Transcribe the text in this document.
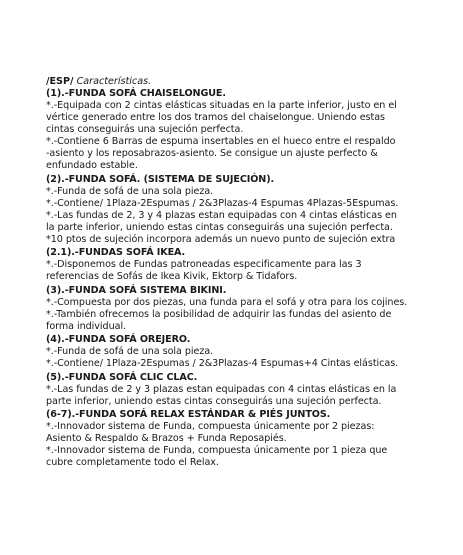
/ESP/ Características.

(1).-FUNDA SOFÁ CHAISELONGUE.

*.-Equipada con 2 cintas elásticas situadas en la parte inferior, justo en el

vértice generado entre los dos tramos del chaiselongue. Uniendo estas

cintas conseguirás una sujeción perfecta.

*.-Contiene 6 Barras de espuma insertables en el hueco entre el respaldo

-asiento y los reposabrazos-asiento. Se consigue un ajuste perfecto &

enfundado estable.

(2).-FUNDA SOFÁ. (SISTEMA DE SUJECIÓN).

*.-Funda de sofá de una sola pieza.

*.-Contiene/ 1Plaza-2Espumas / 2&3Plazas-4 Espumas 4Plazas-5Espumas.

*.-Las fundas de 2, 3 y 4 plazas estan equipadas con 4 cintas elásticas en

la parte inferior, uniendo estas cintas conseguirás una sujeción perfecta.

*10 ptos de sujeción incorpora además un nuevo punto de sujeción extra

(2.1).-FUNDAS SOFÁ IKEA.

*.-Disponemos de Fundas patroneadas especificamente para las 3

referencias de Sofás de Ikea Kivik, Ektorp & Tidafors.

(3).-FUNDA SOFÁ SISTEMA BIKINI.

*.-Compuesta por dos piezas, una funda para el sofá y otra para los cojines.

*.-También ofrecemos la posibilidad de adquirir las fundas del asiento de

forma individual.

(4).-FUNDA SOFÁ OREJERO.

*.-Funda de sofá de una sola pieza.

*.-Contiene/ 1Plaza-2Espumas / 2&3Plazas-4 Espumas+4 Cintas elásticas.

(5).-FUNDA SOFÁ CLIC CLAC.

*.-Las fundas de 2 y 3 plazas estan equipadas con 4 cintas elásticas en la

parte inferior, uniendo estas cintas conseguirás una sujeción perfecta.

(6-7).-FUNDA SOFÁ RELAX ESTÁNDAR & PIÉS JUNTOS.

*.-Innovador sistema de Funda, compuesta únicamente por 2 piezas:

Asiento & Respaldo & Brazos + Funda Reposapiés.

*.-Innovador sistema de Funda, compuesta únicamente por 1 pieza que

cubre completamente todo el Relax.
